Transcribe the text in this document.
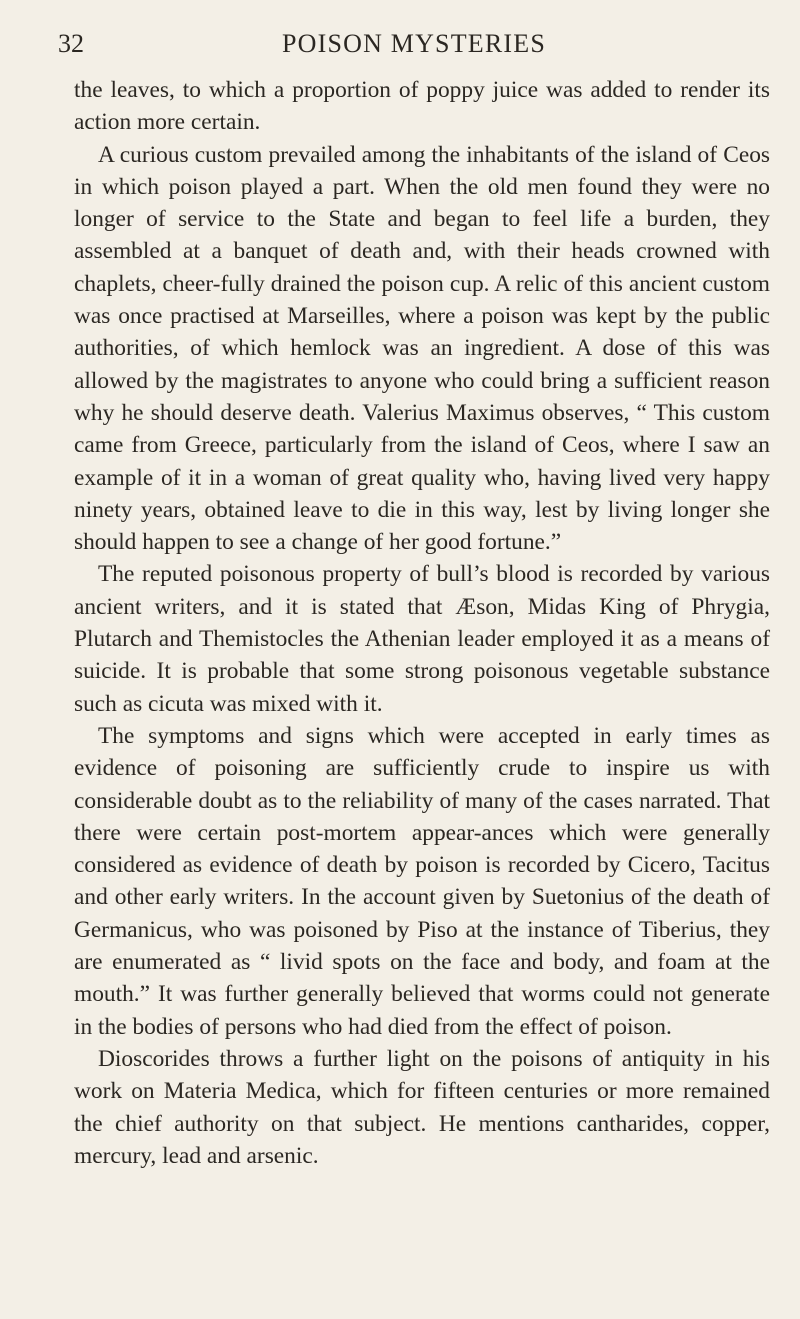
32	POISON MYSTERIES

the leaves, to which a proportion of poppy juice was added to render its action more certain.

A curious custom prevailed among the inhabitants of the island of Ceos in which poison played a part. When the old men found they were no longer of service to the State and began to feel life a burden, they assembled at a banquet of death and, with their heads crowned with chaplets, cheer-fully drained the poison cup. A relic of this ancient custom was once practised at Marseilles, where a poison was kept by the public authorities, of which hemlock was an ingredient. A dose of this was allowed by the magistrates to anyone who could bring a sufficient reason why he should deserve death. Valerius Maximus observes, “ This custom came from Greece, particularly from the island of Ceos, where I saw an example of it in a woman of great quality who, having lived very happy ninety years, obtained leave to die in this way, lest by living longer she should happen to see a change of her good fortune.”

The reputed poisonous property of bull’s blood is recorded by various ancient writers, and it is stated that Æson, Midas King of Phrygia, Plutarch and Themistocles the Athenian leader employed it as a means of suicide. It is probable that some strong poisonous vegetable substance such as cicuta was mixed with it.

The symptoms and signs which were accepted in early times as evidence of poisoning are sufficiently crude to inspire us with considerable doubt as to the reliability of many of the cases narrated. That there were certain post-mortem appear-ances which were generally considered as evidence of death by poison is recorded by Cicero, Tacitus and other early writers. In the account given by Suetonius of the death of Germanicus, who was poisoned by Piso at the instance of Tiberius, they are enumerated as “ livid spots on the face and body, and foam at the mouth.” It was further generally believed that worms could not generate in the bodies of persons who had died from the effect of poison.

Dioscorides throws a further light on the poisons of antiquity in his work on Materia Medica, which for fifteen centuries or more remained the chief authority on that subject. He mentions cantharides, copper, mercury, lead and arsenic.
